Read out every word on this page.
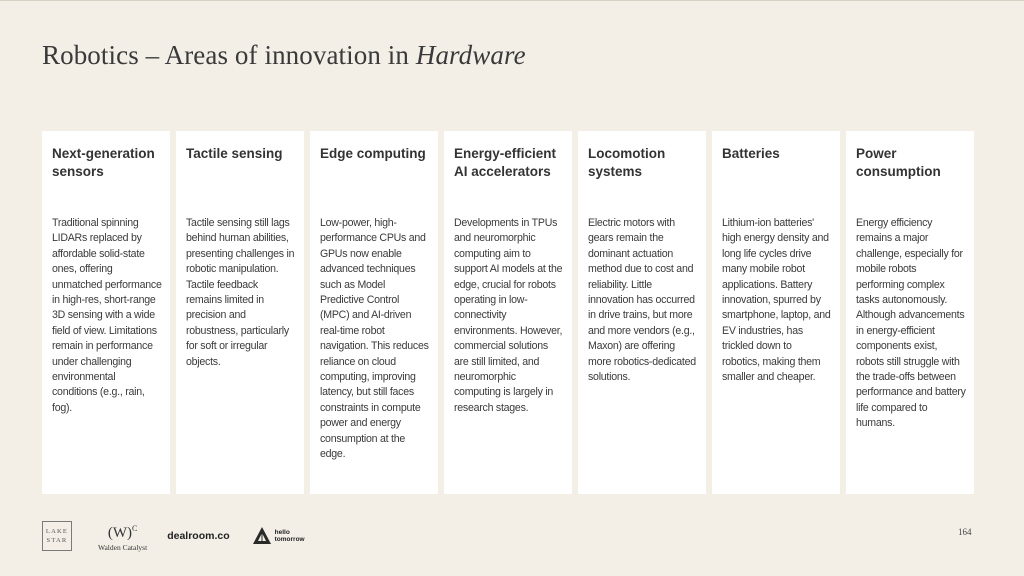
Robotics – Areas of innovation in Hardware
Next-generation sensors
Traditional spinning LIDARs replaced by affordable solid-state ones, offering unmatched performance in high-res, short-range 3D sensing with a wide field of view. Limitations remain in performance under challenging environmental conditions (e.g., rain, fog).
Tactile sensing
Tactile sensing still lags behind human abilities, presenting challenges in robotic manipulation. Tactile feedback remains limited in precision and robustness, particularly for soft or irregular objects.
Edge computing
Low-power, high-performance CPUs and GPUs now enable advanced techniques such as Model Predictive Control (MPC) and AI-driven real-time robot navigation. This reduces reliance on cloud computing, improving latency, but still faces constraints in compute power and energy consumption at the edge.
Energy-efficient AI accelerators
Developments in TPUs and neuromorphic computing aim to support AI models at the edge, crucial for robots operating in low-connectivity environments. However, commercial solutions are still limited, and neuromorphic computing is largely in research stages.
Locomotion systems
Electric motors with gears remain the dominant actuation method due to cost and reliability. Little innovation has occurred in drive trains, but more and more vendors (e.g., Maxon) are offering more robotics-dedicated solutions.
Batteries
Lithium-ion batteries' high energy density and long life cycles drive many mobile robot applications. Battery innovation, spurred by smartphone, laptop, and EV industries, has trickled down to robotics, making them smaller and cheaper.
Power consumption
Energy efficiency remains a major challenge, especially for mobile robots performing complex tasks autonomously. Although advancements in energy-efficient components exist, robots still struggle with the trade-offs between performance and battery life compared to humans.
LAKE
STAR	$(W)^C$
Walden Catalyst
dealroom.co	hello
tomorrow
164
